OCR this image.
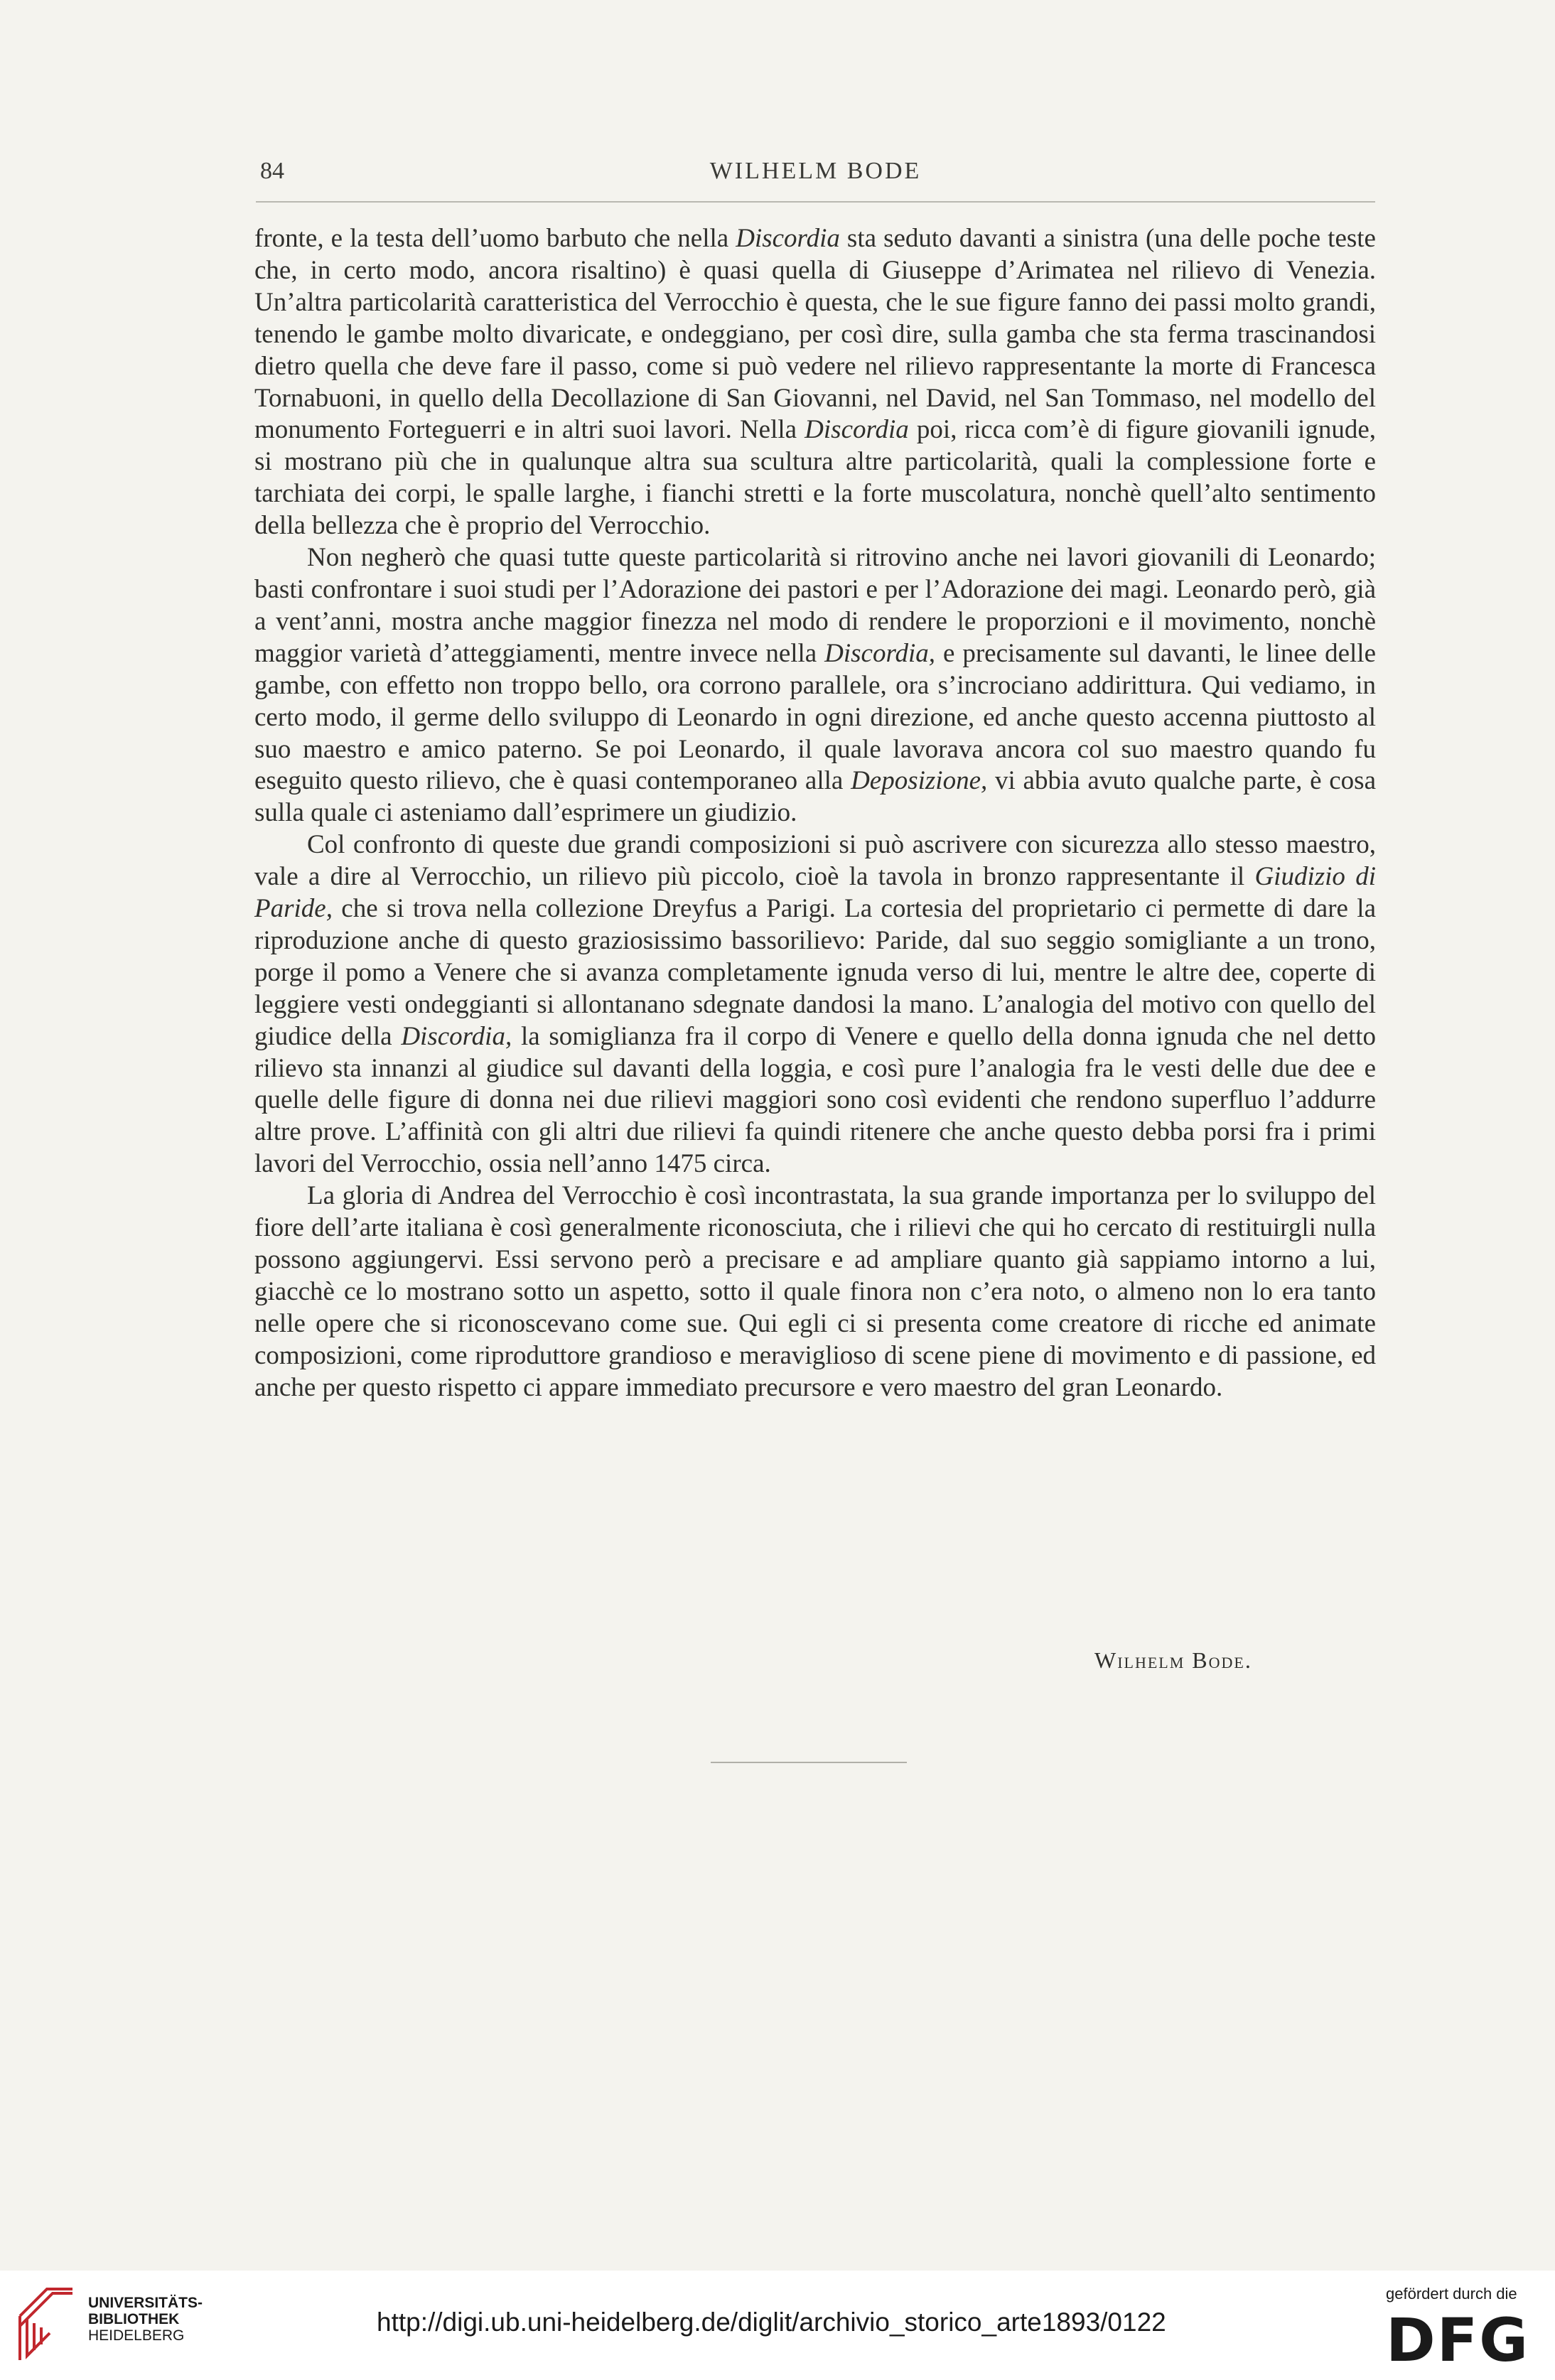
84	WILHELM BODE

fronte, e la testa dell’uomo barbuto che nella Discordia sta seduto davanti a sinistra (una delle poche teste che, in certo modo, ancora risaltino) è quasi quella di Giuseppe d’Arimatea nel rilievo di Venezia. Un’altra particolarità caratteristica del Verrocchio è questa, che le sue figure fanno dei passi molto grandi, tenendo le gambe molto divaricate, e ondeggiano, per così dire, sulla gamba che sta ferma trascinandosi dietro quella che deve fare il passo, come si può vedere nel rilievo rappresentante la morte di Francesca Tornabuoni, in quello della Decollazione di San Giovanni, nel David, nel San Tommaso, nel modello del monumento Forteguerri e in altri suoi lavori. Nella Discordia poi, ricca com’è di figure giovanili ignude, si mostrano più che in qualunque altra sua scultura altre particolarità, quali la complessione forte e tarchiata dei corpi, le spalle larghe, i fianchi stretti e la forte muscolatura, nonchè quell’alto sentimento della bellezza che è proprio del Verrocchio.

Non negherò che quasi tutte queste particolarità si ritrovino anche nei lavori giovanili di Leonardo; basti confrontare i suoi studi per l’Adorazione dei pastori e per l’Adorazione dei magi. Leonardo però, già a vent’anni, mostra anche maggior finezza nel modo di rendere le proporzioni e il movimento, nonchè maggior varietà d’atteggiamenti, mentre invece nella Discordia, e precisamente sul davanti, le linee delle gambe, con effetto non troppo bello, ora corrono parallele, ora s’incrociano addirittura. Qui vediamo, in certo modo, il germe dello sviluppo di Leonardo in ogni direzione, ed anche questo accenna piuttosto al suo maestro e amico paterno. Se poi Leonardo, il quale lavorava ancora col suo maestro quando fu eseguito questo rilievo, che è quasi contemporaneo alla Deposizione, vi abbia avuto qualche parte, è cosa sulla quale ci asteniamo dall’esprimere un giudizio.

Col confronto di queste due grandi composizioni si può ascrivere con sicurezza allo stesso maestro, vale a dire al Verrocchio, un rilievo più piccolo, cioè la tavola in bronzo rappresentante il Giudizio di Paride, che si trova nella collezione Dreyfus a Parigi. La cortesia del proprietario ci permette di dare la riproduzione anche di questo graziosissimo bassorilievo: Paride, dal suo seggio somigliante a un trono, porge il pomo a Venere che si avanza completamente ignuda verso di lui, mentre le altre dee, coperte di leggiere vesti ondeggianti si allontanano sdegnate dandosi la mano. L’analogia del motivo con quello del giudice della Discordia, la somiglianza fra il corpo di Venere e quello della donna ignuda che nel detto rilievo sta innanzi al giudice sul davanti della loggia, e così pure l’analogia fra le vesti delle due dee e quelle delle figure di donna nei due rilievi maggiori sono così evidenti che rendono superfluo l’addurre altre prove. L’affinità con gli altri due rilievi fa quindi ritenere che anche questo debba porsi fra i primi lavori del Verrocchio, ossia nell’anno 1475 circa.

La gloria di Andrea del Verrocchio è così incontrastata, la sua grande importanza per lo sviluppo del fiore dell’arte italiana è così generalmente riconosciuta, che i rilievi che qui ho cercato di restituirgli nulla possono aggiungervi. Essi servono però a precisare e ad ampliare quanto già sappiamo intorno a lui, giacchè ce lo mostrano sotto un aspetto, sotto il quale finora non c’era noto, o almeno non lo era tanto nelle opere che si riconoscevano come sue. Qui egli ci si presenta come creatore di ricche ed animate composizioni, come riproduttore grandioso e meraviglioso di scene piene di movimento e di passione, ed anche per questo rispetto ci appare immediato precursore e vero maestro del gran Leonardo.

Wilhelm Bode.
UNIVERSITÄTS-
BIBLIOTHEK
HEIDELBERG	http://digi.ub.uni-heidelberg.de/diglit/archivio_storico_arte1893/0122
gefördert durch die
DFG
